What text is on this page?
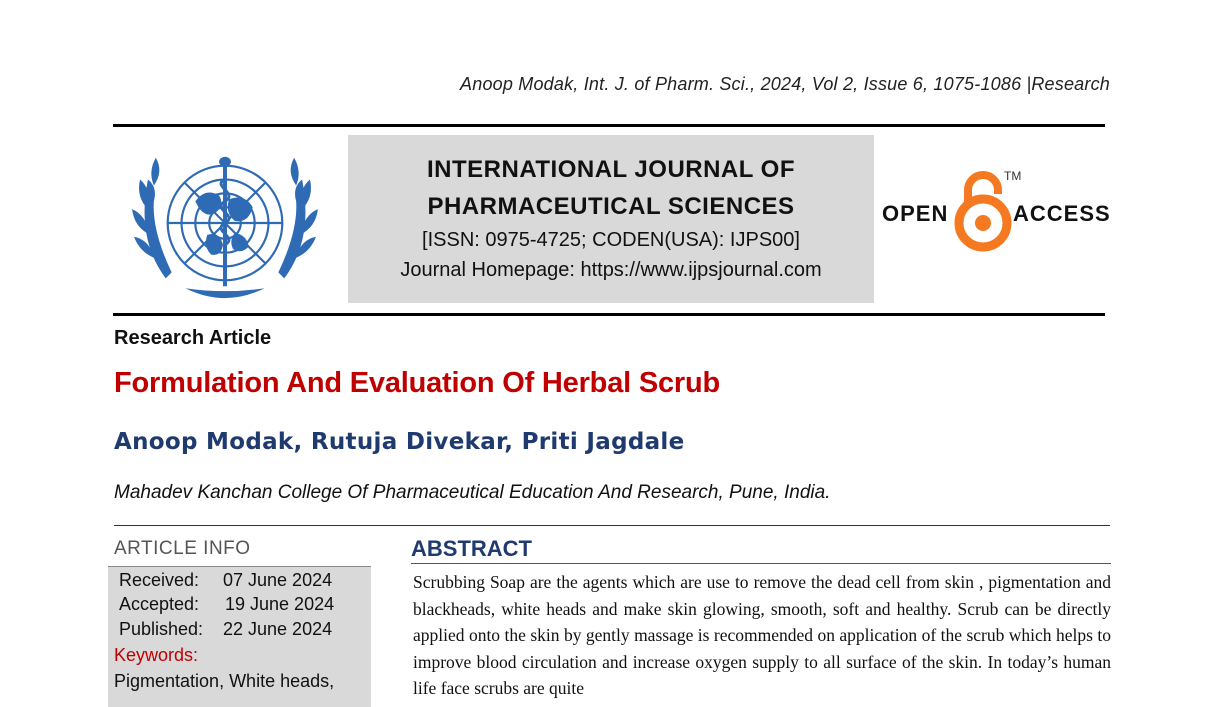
Anoop Modak, Int. J. of Pharm. Sci., 2024, Vol 2, Issue 6, 1075-1086 |Research
INTERNATIONAL JOURNAL OF
PHARMACEUTICAL SCIENCES
[ISSN: 0975-4725; CODEN(USA): IJPS00]
Journal Homepage: https://www.ijpsjournal.com
OPEN	ACCESS
TM
Research Article
Formulation And Evaluation Of Herbal Scrub
Anoop Modak, Rutuja Divekar, Priti Jagdale
Mahadev Kanchan College Of Pharmaceutical Education And Research, Pune, India.
ARTICLE INFO
Received: 07 June 2024
Accepted: 19 June 2024
Published: 22 June 2024
Keywords:
Pigmentation, White heads,
ABSTRACT
Scrubbing Soap are the agents which are use to remove the dead cell from skin , pigmentation and blackheads, white heads and make skin glowing, smooth, soft and healthy. Scrub can be directly applied onto the skin by gently massage is recommended on application of the scrub which helps to improve blood circulation and increase oxygen supply to all surface of the skin. In today’s human life face scrubs are quite
